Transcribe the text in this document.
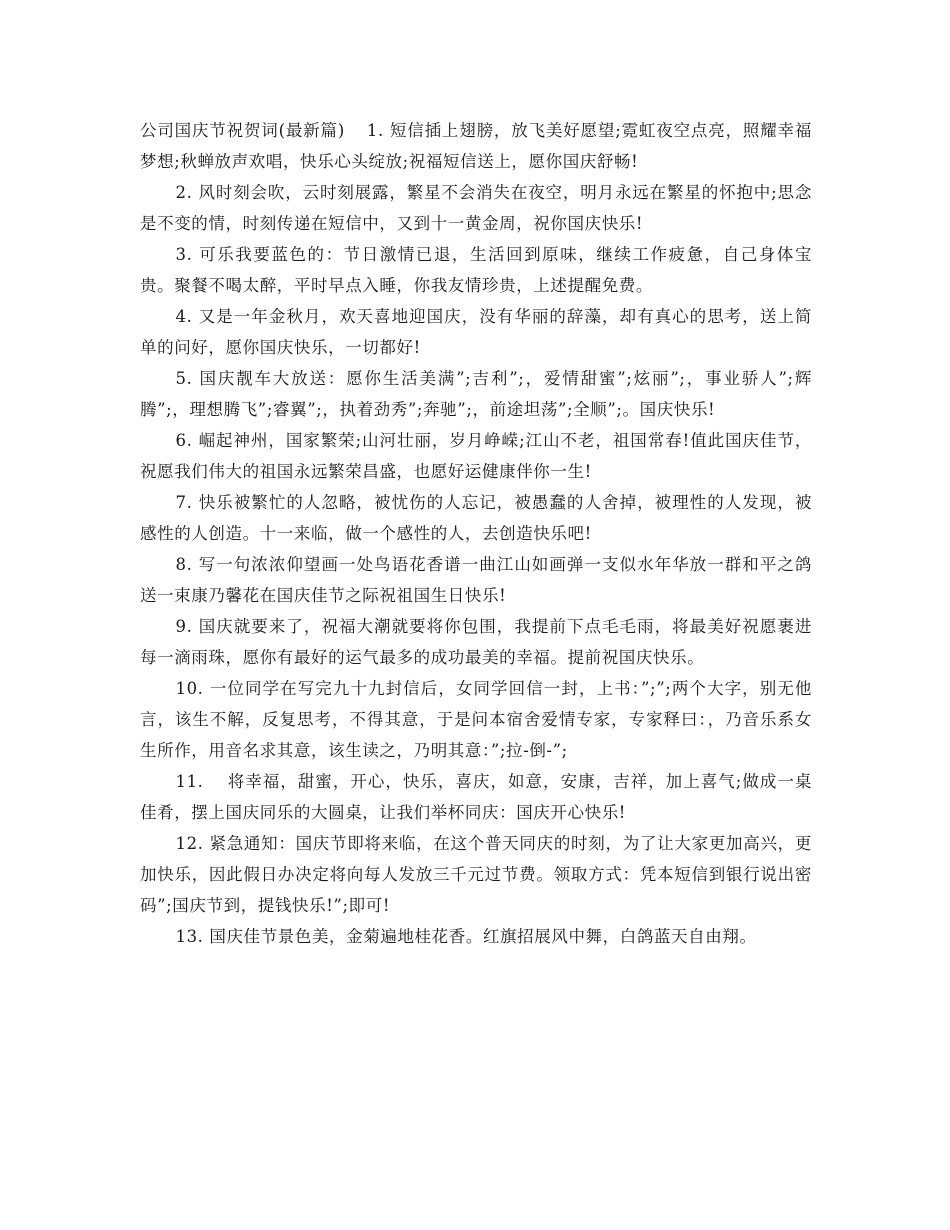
公司国庆节祝贺词(最新篇) 1. 短信插上翅膀，放飞美好愿望;霓虹夜空点亮，照耀幸福梦想;秋蝉放声欢唱，快乐心头绽放;祝福短信送上，愿你国庆舒畅!

2. 风时刻会吹，云时刻展露，繁星不会消失在夜空，明月永远在繁星的怀抱中;思念是不变的情，时刻传递在短信中，又到十一黄金周，祝你国庆快乐!

3. 可乐我要蓝色的：节日激情已退，生活回到原味，继续工作疲惫，自己身体宝贵。聚餐不喝太醉，平时早点入睡，你我友情珍贵，上述提醒免费。

4. 又是一年金秋月，欢天喜地迎国庆，没有华丽的辞藻，却有真心的思考，送上简单的问好，愿你国庆快乐，一切都好!

5. 国庆靓车大放送：愿你生活美满”;吉利”;，爱情甜蜜”;炫丽”;，事业骄人”;辉腾”;，理想腾飞”;睿翼”;，执着劲秀”;奔驰”;，前途坦荡”;全顺”;。国庆快乐!

6. 崛起神州，国家繁荣;山河壮丽，岁月峥嵘;江山不老，祖国常春!值此国庆佳节，祝愿我们伟大的祖国永远繁荣昌盛，也愿好运健康伴你一生!

7. 快乐被繁忙的人忽略，被忧伤的人忘记，被愚蠢的人舍掉，被理性的人发现，被感性的人创造。十一来临，做一个感性的人，去创造快乐吧!

8. 写一句浓浓仰望画一处鸟语花香谱一曲江山如画弹一支似水年华放一群和平之鸽送一束康乃馨花在国庆佳节之际祝祖国生日快乐!

9. 国庆就要来了，祝福大潮就要将你包围，我提前下点毛毛雨，将最美好祝愿裹进每一滴雨珠，愿你有最好的运气最多的成功最美的幸福。提前祝国庆快乐。

10. 一位同学在写完九十九封信后，女同学回信一封，上书：”;”;两个大字，别无他言，该生不解，反复思考，不得其意，于是问本宿舍爱情专家，专家释曰：，乃音乐系女生所作，用音名求其意，该生读之，乃明其意：”;拉-倒-”;

11.　 将幸福，甜蜜，开心，快乐，喜庆，如意，安康，吉祥，加上喜气;做成一桌佳肴，摆上国庆同乐的大圆桌，让我们举杯同庆：国庆开心快乐!

12. 紧急通知：国庆节即将来临，在这个普天同庆的时刻，为了让大家更加高兴，更加快乐，因此假日办决定将向每人发放三千元过节费。领取方式：凭本短信到银行说出密码”;国庆节到，提钱快乐!”;即可!

13. 国庆佳节景色美，金菊遍地桂花香。红旗招展风中舞，白鸽蓝天自由翔。
